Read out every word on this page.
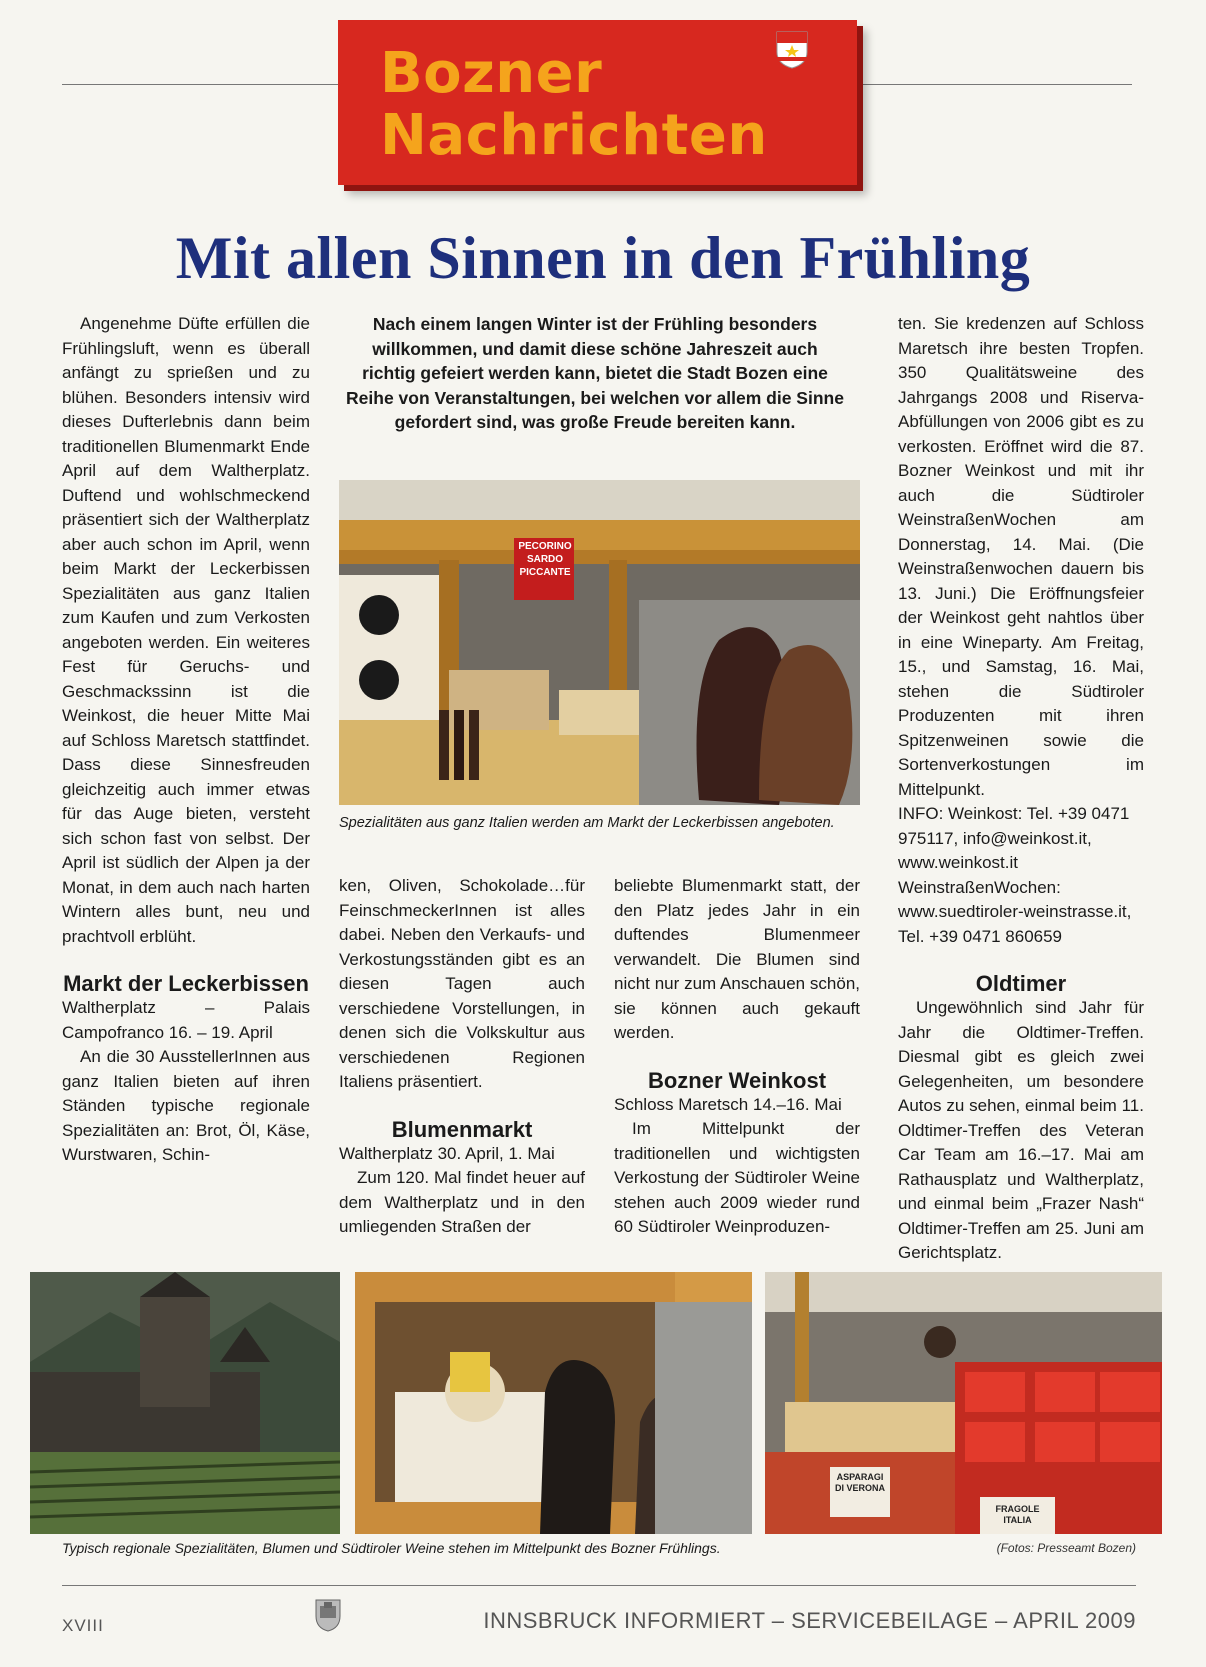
Bozner
Nachrichten
Mit allen Sinnen in den Frühling
Nach einem langen Winter ist der Frühling besonders willkommen, und damit diese schöne Jahreszeit auch richtig gefeiert werden kann, bietet die Stadt Bozen eine Reihe von Veranstaltungen, bei welchen vor allem die Sinne gefordert sind, was große Freude bereiten kann.
PECORINO SARDO PICCANTE
Spezialitäten aus ganz Italien werden am Markt der Leckerbissen angeboten.

Angenehme Düfte erfüllen die Frühlingsluft, wenn es überall anfängt zu sprießen und zu blühen. Besonders intensiv wird dieses Dufterlebnis dann beim traditionellen Blumenmarkt Ende April auf dem Waltherplatz. Duftend und wohlschmeckend präsentiert sich der Waltherplatz aber auch schon im April, wenn beim Markt der Leckerbissen Spezialitäten aus ganz Italien zum Kaufen und zum Verkosten angeboten werden. Ein weiteres Fest für Geruchs- und Geschmackssinn ist die Weinkost, die heuer Mitte Mai auf Schloss Maretsch stattfindet. Dass diese Sinnesfreuden gleichzeitig auch immer etwas für das Auge bieten, versteht sich schon fast von selbst. Der April ist südlich der Alpen ja der Monat, in dem auch nach harten Wintern alles bunt, neu und prachtvoll erblüht.

Markt der Leckerbissen

Waltherplatz – Palais Campofranco 16. – 19. April

An die 30 AusstellerInnen aus ganz Italien bieten auf ihren Ständen typische regionale Spezialitäten an: Brot, Öl, Käse, Wurstwaren, Schin-

ken, Oliven, Schokolade…für FeinschmeckerInnen ist alles dabei. Neben den Verkaufs- und Verkostungsständen gibt es an diesen Tagen auch verschiedene Vorstellungen, in denen sich die Volkskultur aus verschiedenen Regionen Italiens präsentiert.

Blumenmarkt

Waltherplatz 30. April, 1. Mai

Zum 120. Mal findet heuer auf dem Waltherplatz und in den umliegenden Straßen der

beliebte Blumenmarkt statt, der den Platz jedes Jahr in ein duftendes Blumenmeer verwandelt. Die Blumen sind nicht nur zum Anschauen schön, sie können auch gekauft werden.

Bozner Weinkost

Schloss Maretsch 14.–16. Mai

Im Mittelpunkt der traditionellen und wichtigsten Verkostung der Südtiroler Weine stehen auch 2009 wieder rund 60 Südtiroler Weinproduzen-

ten. Sie kredenzen auf Schloss Maretsch ihre besten Tropfen. 350 Qualitätsweine des Jahrgangs 2008 und Riserva-Abfüllungen von 2006 gibt es zu verkosten. Eröffnet wird die 87. Bozner Weinkost und mit ihr auch die Südtiroler WeinstraßenWochen am Donnerstag, 14. Mai. (Die Weinstraßenwochen dauern bis 13. Juni.) Die Eröffnungsfeier der Weinkost geht nahtlos über in eine Wineparty. Am Freitag, 15., und Samstag, 16. Mai, stehen die Südtiroler Produzenten mit ihren Spitzenweinen sowie die Sortenverkostungen im Mittelpunkt.

INFO: Weinkost: Tel. +39 0471 975117, info@weinkost.it, www.weinkost.it

WeinstraßenWochen: www.suedtiroler-weinstrasse.it, Tel. +39 0471 860659

Oldtimer

Ungewöhnlich sind Jahr für Jahr die Oldtimer-Treffen. Diesmal gibt es gleich zwei Gelegenheiten, um besondere Autos zu sehen, einmal beim 11. Oldtimer-Treffen des Veteran Car Team am 16.–17. Mai am Rathausplatz und Waltherplatz, und einmal beim „Frazer Nash“ Oldtimer-Treffen am 25. Juni am Gerichtsplatz.

ASPARAGI DI VERONA
FRAGOLE ITALIA
Typisch regionale Spezialitäten, Blumen und Südtiroler Weine stehen im Mittelpunkt des Bozner Frühlings.	(Fotos: Presseamt Bozen)
XVIII	INNSBRUCK INFORMIERT – SERVICEBEILAGE – APRIL 2009
